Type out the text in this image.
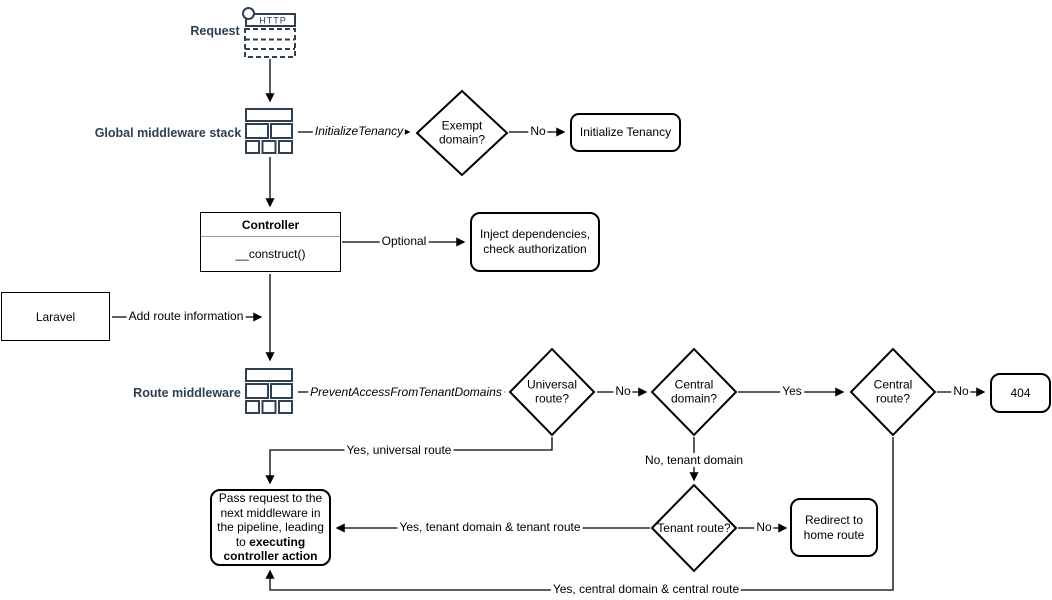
HTTP
Request
Global middleware stack
Route middleware
Laravel
Controller
__construct()
Initialize Tenancy
Inject dependencies, check authorization
404
Redirect to home route
Pass request to the next middleware in the pipeline, leading to executing controller action
Exempt domain?
Universal route?
Central domain?
Central route?
Tenant route?
InitializeTenancy	No
Optional
Add route information
PreventAccessFromTenantDomains	No	Yes	No
Yes, universal route
No, tenant domain
No
Yes, tenant domain & tenant route
Yes, central domain & central route
